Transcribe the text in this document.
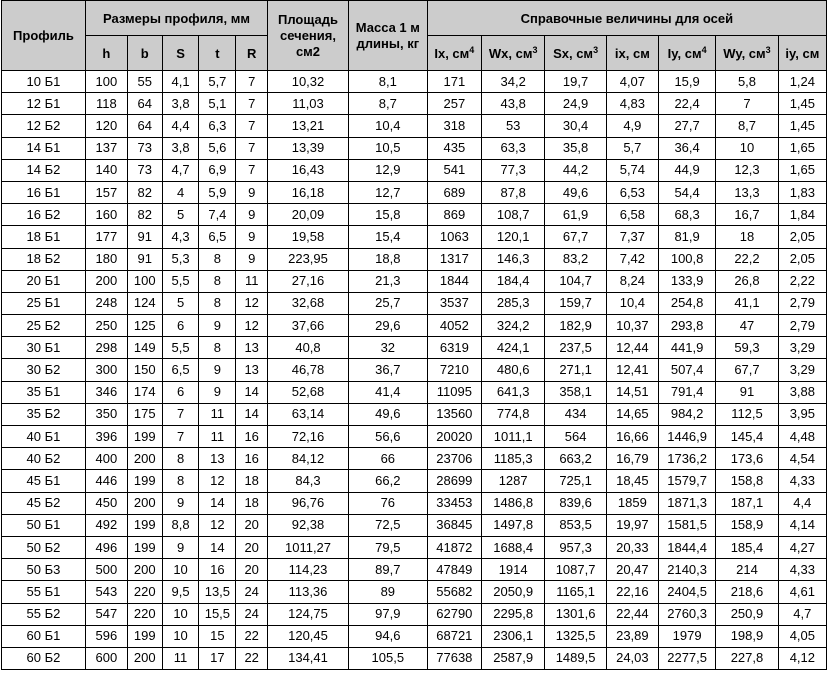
Профиль	Размеры профиля, мм					Площадь сечения, см2	Масса 1 м длины, кг	Справочные величины для осей						
	h	b	S	t	R			Ix, $см^4$	Wx, $см^3$	Sx, $см^3$	ix, см	Iy, $см^4$	Wy, $см^3$	iy, см
10 Б1	100	55	4,1	5,7	7	10,32	8,1	171	34,2	19,7	4,07	15,9	5,8	1,24
12 Б1	118	64	3,8	5,1	7	11,03	8,7	257	43,8	24,9	4,83	22,4	7	1,45
12 Б2	120	64	4,4	6,3	7	13,21	10,4	318	53	30,4	4,9	27,7	8,7	1,45
14 Б1	137	73	3,8	5,6	7	13,39	10,5	435	63,3	35,8	5,7	36,4	10	1,65
14 Б2	140	73	4,7	6,9	7	16,43	12,9	541	77,3	44,2	5,74	44,9	12,3	1,65
16 Б1	157	82	4	5,9	9	16,18	12,7	689	87,8	49,6	6,53	54,4	13,3	1,83
16 Б2	160	82	5	7,4	9	20,09	15,8	869	108,7	61,9	6,58	68,3	16,7	1,84
18 Б1	177	91	4,3	6,5	9	19,58	15,4	1063	120,1	67,7	7,37	81,9	18	2,05
18 Б2	180	91	5,3	8	9	223,95	18,8	1317	146,3	83,2	7,42	100,8	22,2	2,05
20 Б1	200	100	5,5	8	11	27,16	21,3	1844	184,4	104,7	8,24	133,9	26,8	2,22
25 Б1	248	124	5	8	12	32,68	25,7	3537	285,3	159,7	10,4	254,8	41,1	2,79
25 Б2	250	125	6	9	12	37,66	29,6	4052	324,2	182,9	10,37	293,8	47	2,79
30 Б1	298	149	5,5	8	13	40,8	32	6319	424,1	237,5	12,44	441,9	59,3	3,29
30 Б2	300	150	6,5	9	13	46,78	36,7	7210	480,6	271,1	12,41	507,4	67,7	3,29
35 Б1	346	174	6	9	14	52,68	41,4	11095	641,3	358,1	14,51	791,4	91	3,88
35 Б2	350	175	7	11	14	63,14	49,6	13560	774,8	434	14,65	984,2	112,5	3,95
40 Б1	396	199	7	11	16	72,16	56,6	20020	1011,1	564	16,66	1446,9	145,4	4,48
40 Б2	400	200	8	13	16	84,12	66	23706	1185,3	663,2	16,79	1736,2	173,6	4,54
45 Б1	446	199	8	12	18	84,3	66,2	28699	1287	725,1	18,45	1579,7	158,8	4,33
45 Б2	450	200	9	14	18	96,76	76	33453	1486,8	839,6	1859	1871,3	187,1	4,4
50 Б1	492	199	8,8	12	20	92,38	72,5	36845	1497,8	853,5	19,97	1581,5	158,9	4,14
50 Б2	496	199	9	14	20	1011,27	79,5	41872	1688,4	957,3	20,33	1844,4	185,4	4,27
50 Б3	500	200	10	16	20	114,23	89,7	47849	1914	1087,7	20,47	2140,3	214	4,33
55 Б1	543	220	9,5	13,5	24	113,36	89	55682	2050,9	1165,1	22,16	2404,5	218,6	4,61
55 Б2	547	220	10	15,5	24	124,75	97,9	62790	2295,8	1301,6	22,44	2760,3	250,9	4,7
60 Б1	596	199	10	15	22	120,45	94,6	68721	2306,1	1325,5	23,89	1979	198,9	4,05
60 Б2	600	200	11	17	22	134,41	105,5	77638	2587,9	1489,5	24,03	2277,5	227,8	4,12
